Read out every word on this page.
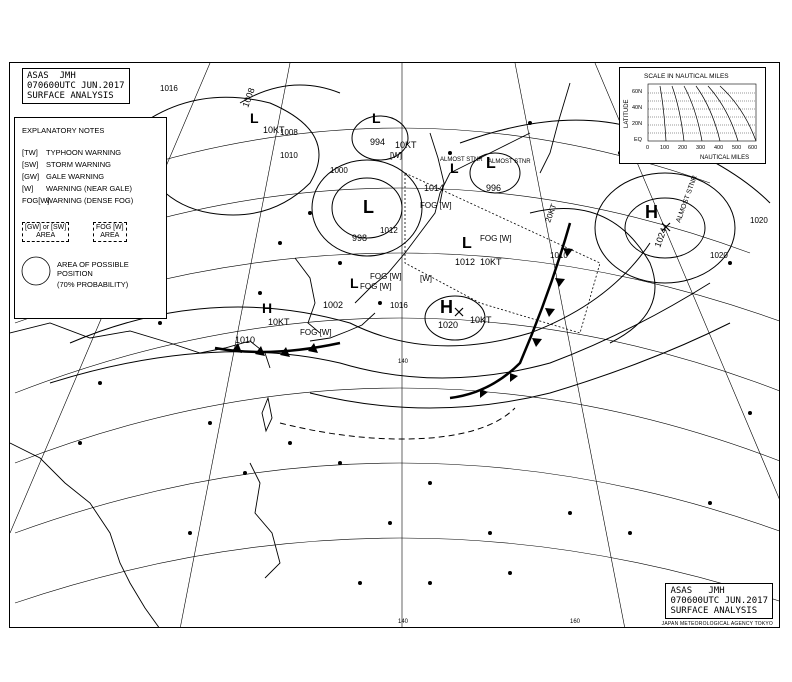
H
H
H
L
L
L
L
L
L
L
1024
ALMOST STNR
1020 10KT
1010
10KT
998
994 10KT
996
ALMOST STNR
1012 10KT
1008
10KT
1002
1014
ALMOST STNR
1000
1008
1010
1012
1016
1020
1020
1010
1016
FOG [W]
FOG [W]
FOG [W]
FOG [W]
FOG [W] [W]
[W]
20KT
140
140	160
ASAS  JMH
070600UTC JUN.2017
SURFACE ANALYSIS
EXPLANATORY NOTES
[TW] TYPHOON WARNING
[SW] STORM WARNING
[GW] GALE WARNING
[W] WARNING (NEAR GALE)
FOG[W]WARNING (DENSE FOG)
[GW] or [SW]
AREA
FOG [W]
AREA
AREA OF POSSIBLE
POSITION
(70% PROBABILITY)
SCALE IN NAUTICAL MILES
LATITUDE
60N
40N
20N
EQ
0 100 200 300 400 500 600
NAUTICAL MILES
ASAS   JMH
070600UTC JUN.2017
SURFACE ANALYSIS
JAPAN METEOROLOGICAL AGENCY TOKYO
